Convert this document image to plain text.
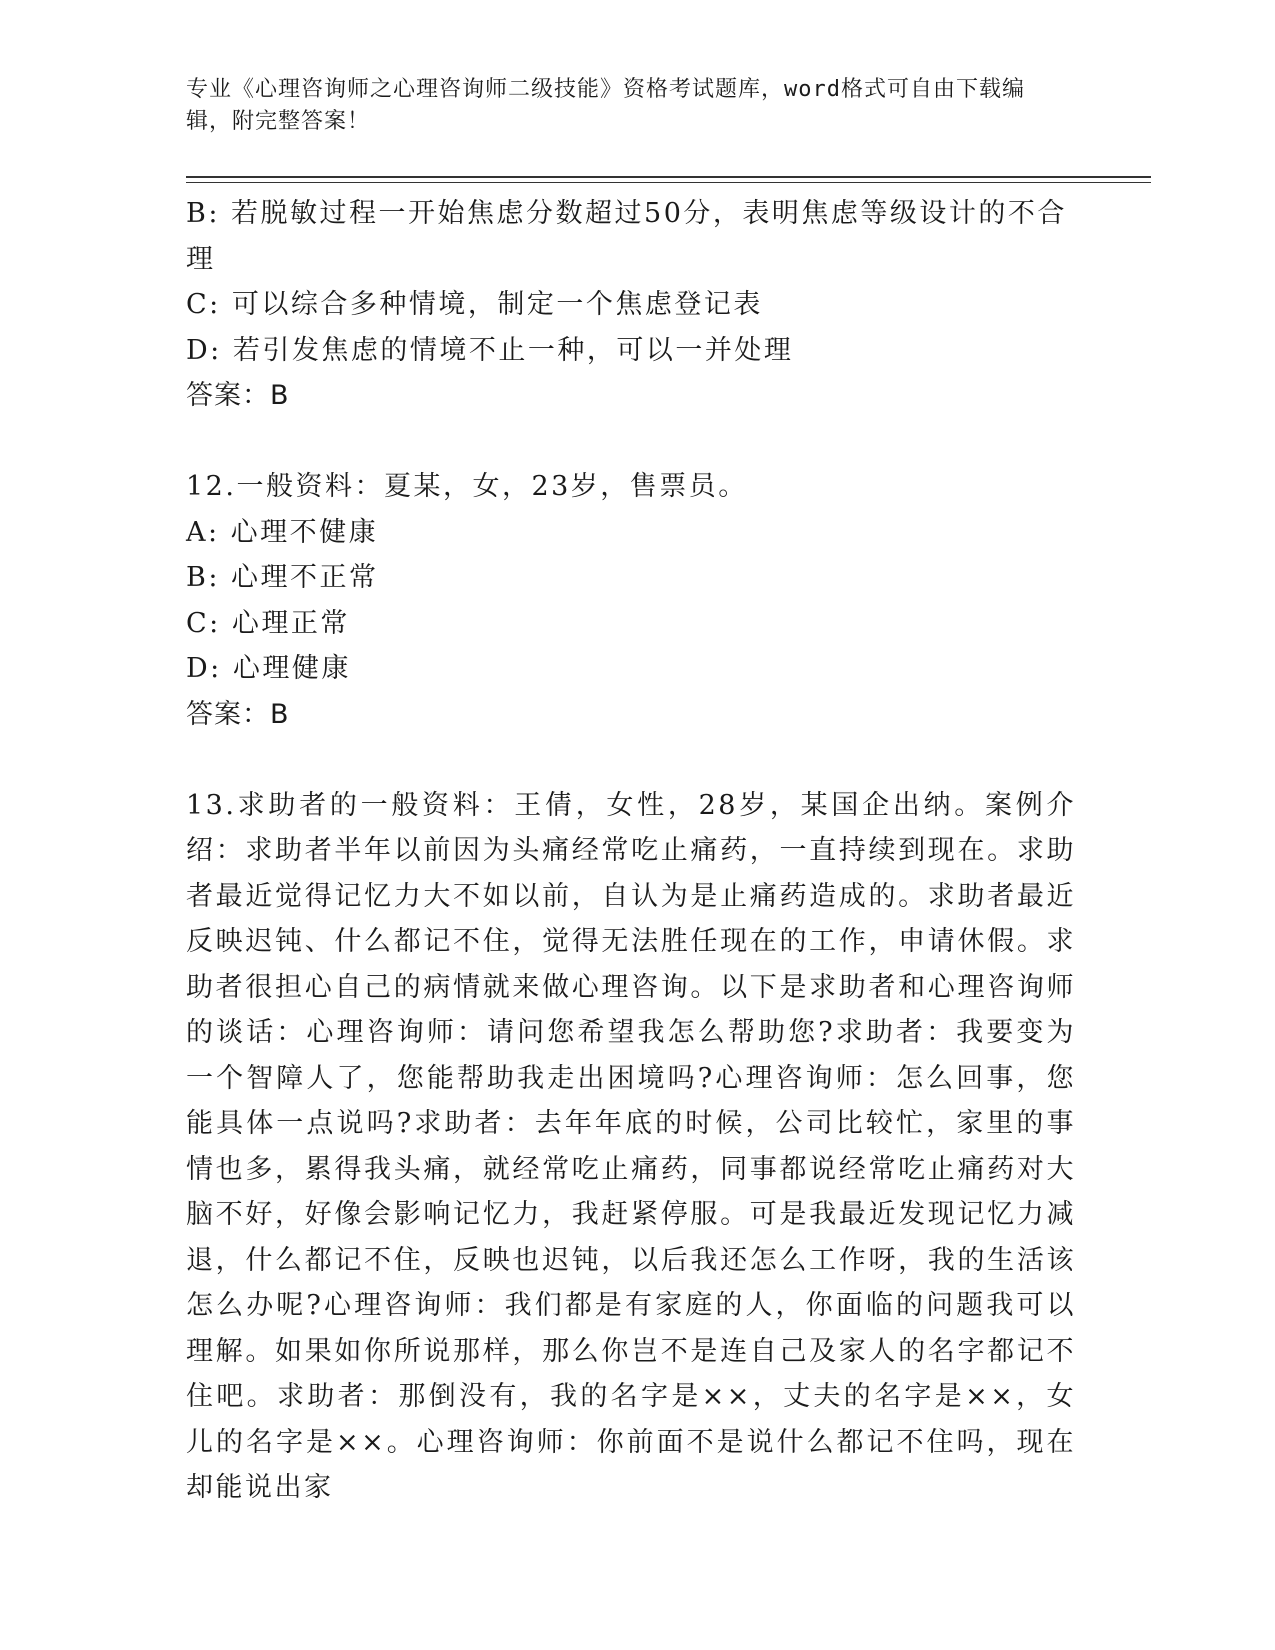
专业《心理咨询师之心理咨询师二级技能》资格考试题库，word格式可自由下载编辑，附完整答案！

B: 若脱敏过程一开始焦虑分数超过50分，表明焦虑等级设计的不合理

C: 可以综合多种情境，制定一个焦虑登记表

D: 若引发焦虑的情境不止一种，可以一并处理

答案：B

12.一般资料：夏某，女，23岁，售票员。

A: 心理不健康

B: 心理不正常

C: 心理正常

D: 心理健康

答案：B

13.求助者的一般资料：王倩，女性，28岁，某国企出纳。案例介绍：求助者半年以前因为头痛经常吃止痛药，一直持续到现在。求助者最近觉得记忆力大不如以前，自认为是止痛药造成的。求助者最近反映迟钝、什么都记不住，觉得无法胜任现在的工作，申请休假。求助者很担心自己的病情就来做心理咨询。以下是求助者和心理咨询师的谈话：心理咨询师：请问您希望我怎么帮助您?求助者：我要变为一个智障人了，您能帮助我走出困境吗?心理咨询师：怎么回事，您能具体一点说吗?求助者：去年年底的时候，公司比较忙，家里的事情也多，累得我头痛，就经常吃止痛药，同事都说经常吃止痛药对大脑不好，好像会影响记忆力，我赶紧停服。可是我最近发现记忆力减退，什么都记不住，反映也迟钝，以后我还怎么工作呀，我的生活该怎么办呢?心理咨询师：我们都是有家庭的人，你面临的问题我可以理解。如果如你所说那样，那么你岂不是连自己及家人的名字都记不住吧。求助者：那倒没有，我的名字是××，丈夫的名字是××，女儿的名字是××。心理咨询师：你前面不是说什么都记不住吗，现在却能说出家
